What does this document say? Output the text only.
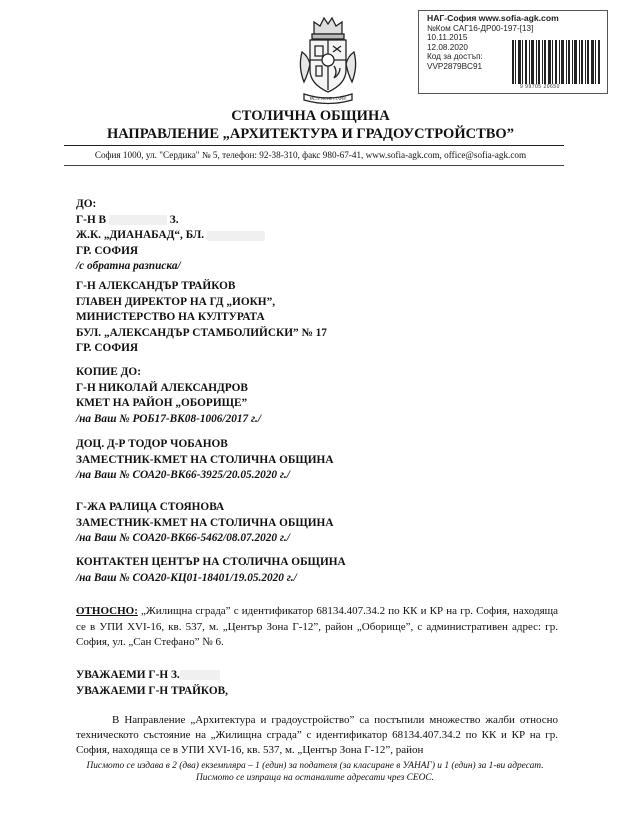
НАГ-София www.sofia-agk.com
№Ком САГ16-ДР00-197-[13]
10.11.2015
12.08.2020
Код за достъп:
VVP2879BC91
9 99705 20650
РАСТЕ НО НЕ СТАРЕЕ
СТОЛИЧНА ОБЩИНА
НАПРАВЛЕНИЕ „АРХИТЕКТУРА И ГРАДОУСТРОЙСТВО”
София 1000, ул. "Сердика" № 5, телефон: 92-38-310, факс 980-67-41, www.sofia-agk.com, office@sofia-agk.com
ДО:
Г-Н В	З.
Ж.К. „ДИАНАБАД“, БЛ.
ГР. СОФИЯ
/с обратна разписка/
Г-Н АЛЕКСАНДЪР ТРАЙКОВ
ГЛАВЕН ДИРЕКТОР НА ГД „ИОКН”,
МИНИСТЕРСТВО НА КУЛТУРАТА
БУЛ. „АЛЕКСАНДЪР СТАМБОЛИЙСКИ” № 17
ГР. СОФИЯ
КОПИЕ ДО:
Г-Н НИКОЛАЙ АЛЕКСАНДРОВ
КМЕТ НА РАЙОН „ОБОРИЩЕ”
/на Ваш № РОБ17-ВК08-1006/2017 г./
ДОЦ. Д-Р ТОДОР ЧОБАНОВ
ЗАМЕСТНИК-КМЕТ НА СТОЛИЧНА ОБЩИНА
/на Ваш № СОА20-ВК66-3925/20.05.2020 г./
Г-ЖА РАЛИЦА СТОЯНОВА
ЗАМЕСТНИК-КМЕТ НА СТОЛИЧНА ОБЩИНА
/на Ваш № СОА20-ВК66-5462/08.07.2020 г./
КОНТАКТЕН ЦЕНТЪР НА СТОЛИЧНА ОБЩИНА
/на Ваш № СОА20-КЦ01-18401/19.05.2020 г./
ОТНОСНО: „Жилищна сграда” с идентификатор 68134.407.34.2 по КК и КР на гр. София, находяща се в УПИ XVI-16, кв. 537, м. „Център Зона Г-12”, район „Оборище”, с административен адрес: гр. София, ул. „Сан Стефано” № 6.
УВАЖАЕМИ Г-Н З.
УВАЖАЕМИ Г-Н ТРАЙКОВ,
В Направление „Архитектура и градоустройство” са постъпили множество жалби относно техническото състояние на „Жилищна сграда” с идентификатор 68134.407.34.2 по КК и КР на гр. София, находяща се в УПИ XVI-16, кв. 537, м. „Център Зона Г-12”, район
Писмото се издава в 2 (два) екземпляра – 1 (един) за подателя (за класиране в УАНАГ) и 1 (един) за 1-ви адресат. Писмото се изпраща на останалите адресати чрез СЕОС.
